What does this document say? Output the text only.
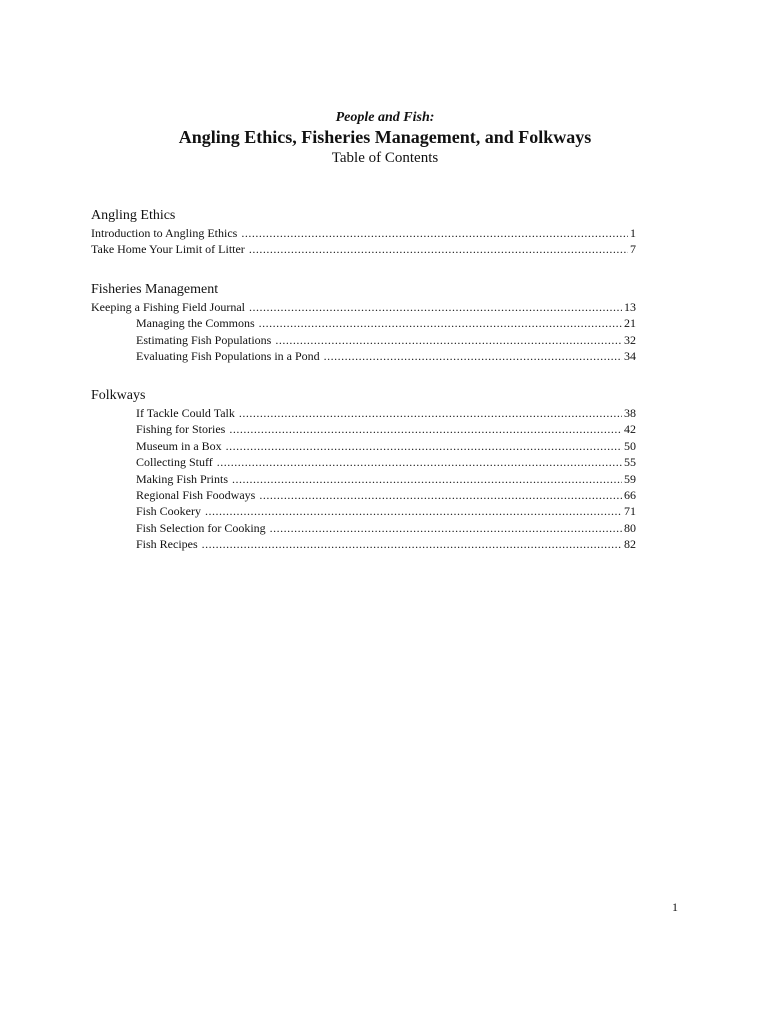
People and Fish:
Angling Ethics, Fisheries Management, and Folkways
Table of Contents
Angling Ethics
Introduction to Angling Ethics .....	1
Take Home Your Limit of Litter .....	7
Fisheries Management
Keeping a Fishing Field Journal .....	13
Managing the Commons .....	21
Estimating Fish Populations .....	32
Evaluating Fish Populations in a Pond .....	34
Folkways
If Tackle Could Talk .....	38
Fishing for Stories .....	42
Museum in a Box .....	50
Collecting Stuff .....	55
Making Fish Prints .....	59
Regional Fish Foodways .....	66
Fish Cookery .....	71
Fish Selection for Cooking .....	80
Fish Recipes .....	82
1
